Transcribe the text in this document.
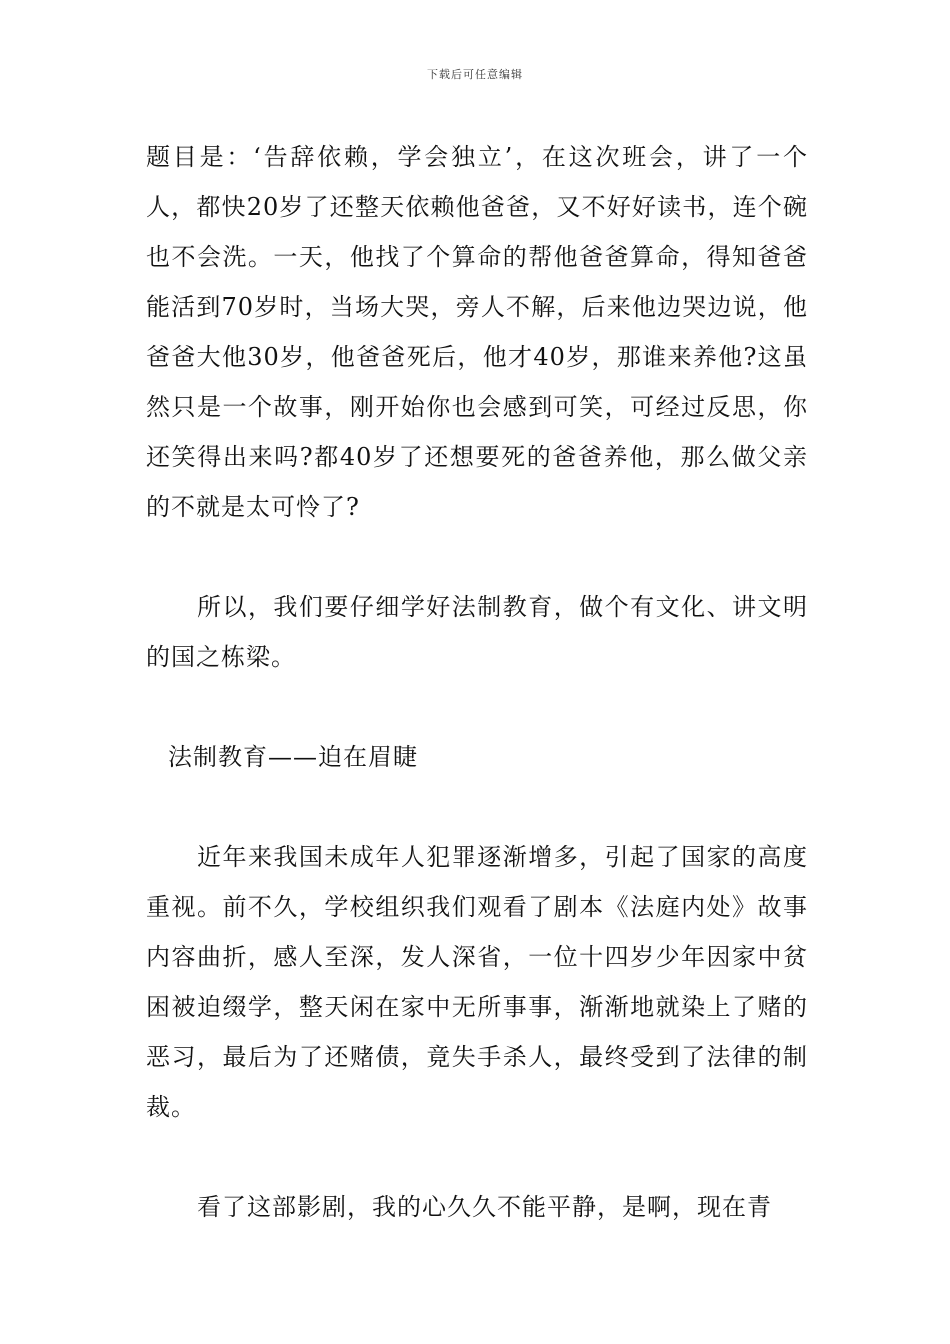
下载后可任意编辑

题目是：‘告辞依赖，学会独立’，在这次班会，讲了一个人，都快20岁了还整天依赖他爸爸，又不好好读书，连个碗也不会洗。一天，他找了个算命的帮他爸爸算命，得知爸爸能活到70岁时，当场大哭，旁人不解，后来他边哭边说，他爸爸大他30岁，他爸爸死后，他才40岁，那谁来养他?这虽然只是一个故事，刚开始你也会感到可笑，可经过反思，你还笑得出来吗?都40岁了还想要死的爸爸养他，那么做父亲的不就是太可怜了?

所以，我们要仔细学好法制教育，做个有文化、讲文明的国之栋梁。

法制教育——迫在眉睫

近年来我国未成年人犯罪逐渐增多，引起了国家的高度重视。前不久，学校组织我们观看了剧本《法庭内处》故事内容曲折，感人至深，发人深省，一位十四岁少年因家中贫困被迫缀学，整天闲在家中无所事事，渐渐地就染上了赌的恶习，最后为了还赌债，竟失手杀人，最终受到了法律的制裁。

看了这部影剧，我的心久久不能平静，是啊，现在青
